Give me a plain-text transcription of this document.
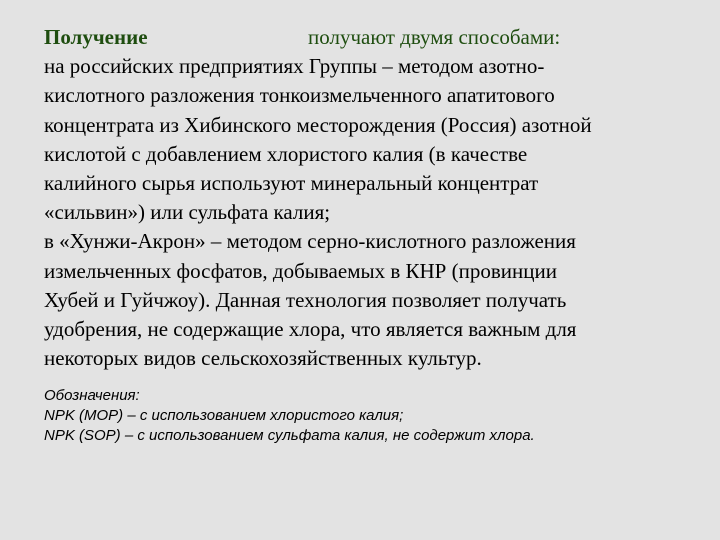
Получение	получают двумя способами:
на российских предприятиях Группы – методом азотно-
кислотного разложения тонкоизмельченного апатитового
концентрата из Хибинского месторождения (Россия) азотной
кислотой с добавлением хлористого калия (в качестве
калийного сырья используют минеральный концентрат
«сильвин») или сульфата калия;
в «Хунжи-Акрон» – методом серно-кислотного разложения
измельченных фосфатов, добываемых в КНР (провинции
Хубей и Гуйчжоу). Данная технология позволяет получать
удобрения, не содержащие хлора, что является важным для
некоторых видов сельскохозяйственных культур.
Обозначения:
NPK (MOP) – с использованием хлористого калия;
NPK (SOP) – с использованием сульфата калия, не содержит хлора.
